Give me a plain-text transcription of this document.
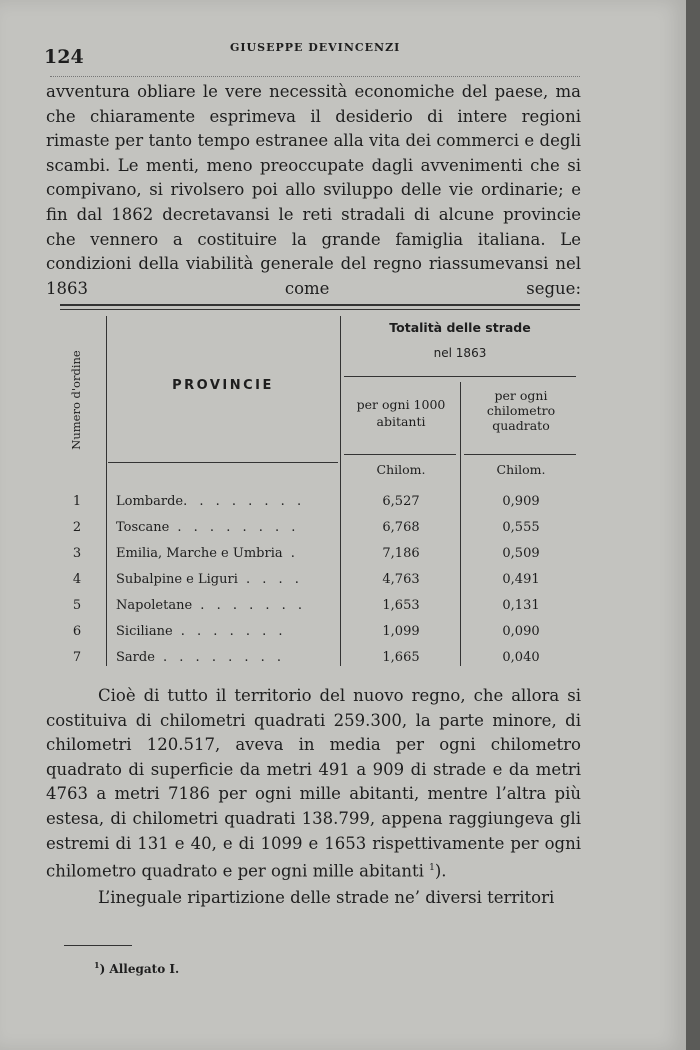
124	GIUSEPPE DEVINCENZI

avventura obliare le vere necessità economiche del paese, ma che chiaramente esprimeva il desiderio di intere regioni rimaste per tanto tempo estranee alla vita dei commerci e degli scambi. Le menti, meno preoccupate dagli avvenimenti che si compivano, si rivolsero poi allo sviluppo delle vie ordinarie; e fin dal 1862 decretavansi le reti stradali di alcune provincie che vennero a costituire la grande famiglia italiana. Le condizioni della viabilità generale del regno riassumevansi nel 1863 come segue:

Numero d'ordine	PROVINCIE
Totalità delle strade
nel 1863
per ogni 1000 abitanti
per ogni
chilometro
quadrato
Chilom.	Chilom.
1	Lombarde. . . . . . . .	6,527	0,909
2	Toscane . . . . . . . .	6,768	0,555
3	Emilia, Marche e Umbria .	7,186	0,509
4	Subalpine e Liguri . . . .	4,763	0,491
5	Napoletane . . . . . . .	1,653	0,131
6	Siciliane . . . . . . .	1,099	0,090
7	Sarde . . . . . . . .	1,665	0,040

Cioè di tutto il territorio del nuovo regno, che allora si costituiva di chilometri quadrati 259.300, la parte minore, di chilometri 120.517, aveva in media per ogni chilometro quadrato di superficie da metri 491 a 909 di strade e da metri 4763 a metri 7186 per ogni mille abitanti, mentre l’altra più estesa, di chilometri quadrati 138.799, appena raggiungeva gli estremi di 131 e 40, e di 1099 e 1653 rispettivamente per ogni chilometro quadrato e per ogni mille abitanti $^1$).

L’ineguale ripartizione delle strade ne’ diversi territori

$^1$) Allegato I.
